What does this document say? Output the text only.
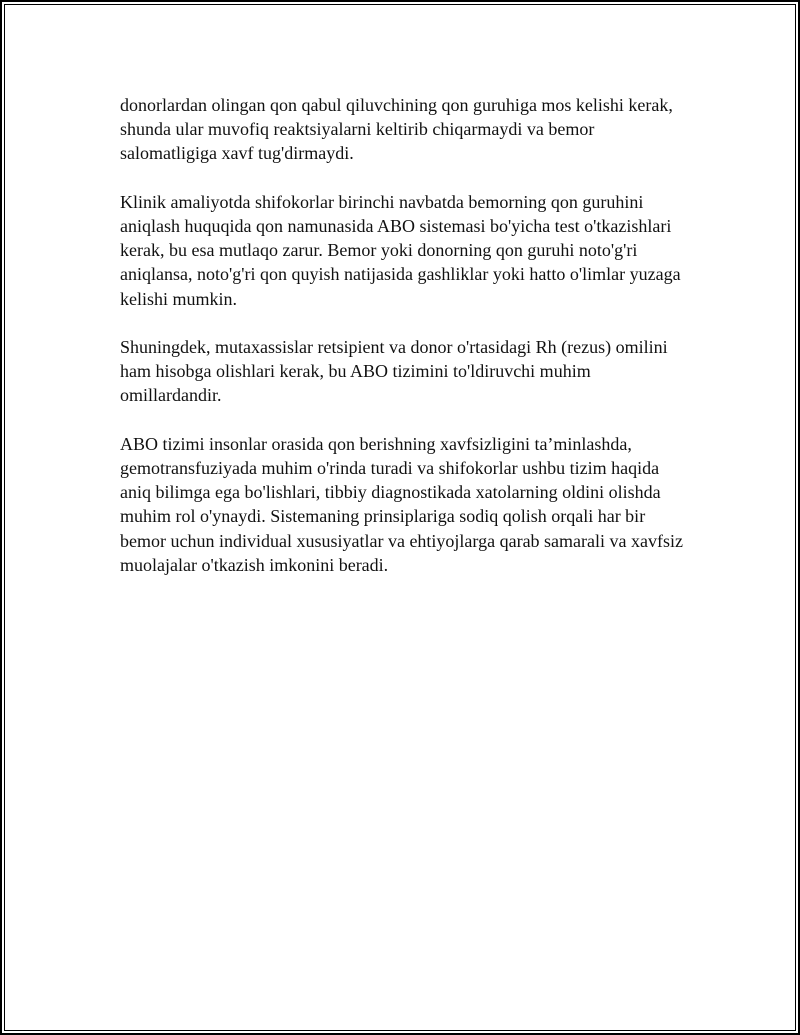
donorlardan olingan qon qabul qiluvchining qon guruhiga mos kelishi kerak, shunda ular muvofiq reaktsiyalarni keltirib chiqarmaydi va bemor salomatligiga xavf tug'dirmaydi.

Klinik amaliyotda shifokorlar birinchi navbatda bemorning qon guruhini aniqlash huquqida qon namunasida ABO sistemasi bo'yicha test o'tkazishlari kerak, bu esa mutlaqo zarur. Bemor yoki donorning qon guruhi noto'g'ri aniqlansa, noto'g'ri qon quyish natijasida gashliklar yoki hatto o'limlar yuzaga kelishi mumkin.

Shuningdek, mutaxassislar retsipient va donor o'rtasidagi Rh (rezus) omilini ham hisobga olishlari kerak, bu ABO tizimini to'ldiruvchi muhim omillardandir.

ABO tizimi insonlar orasida qon berishning xavfsizligini ta’minlashda, gemotransfuziyada muhim o'rinda turadi va shifokorlar ushbu tizim haqida aniq bilimga ega bo'lishlari, tibbiy diagnostikada xatolarning oldini olishda muhim rol o'ynaydi. Sistemaning prinsiplariga sodiq qolish orqali har bir bemor uchun individual xususiyatlar va ehtiyojlarga qarab samarali va xavfsiz muolajalar o'tkazish imkonini beradi.
